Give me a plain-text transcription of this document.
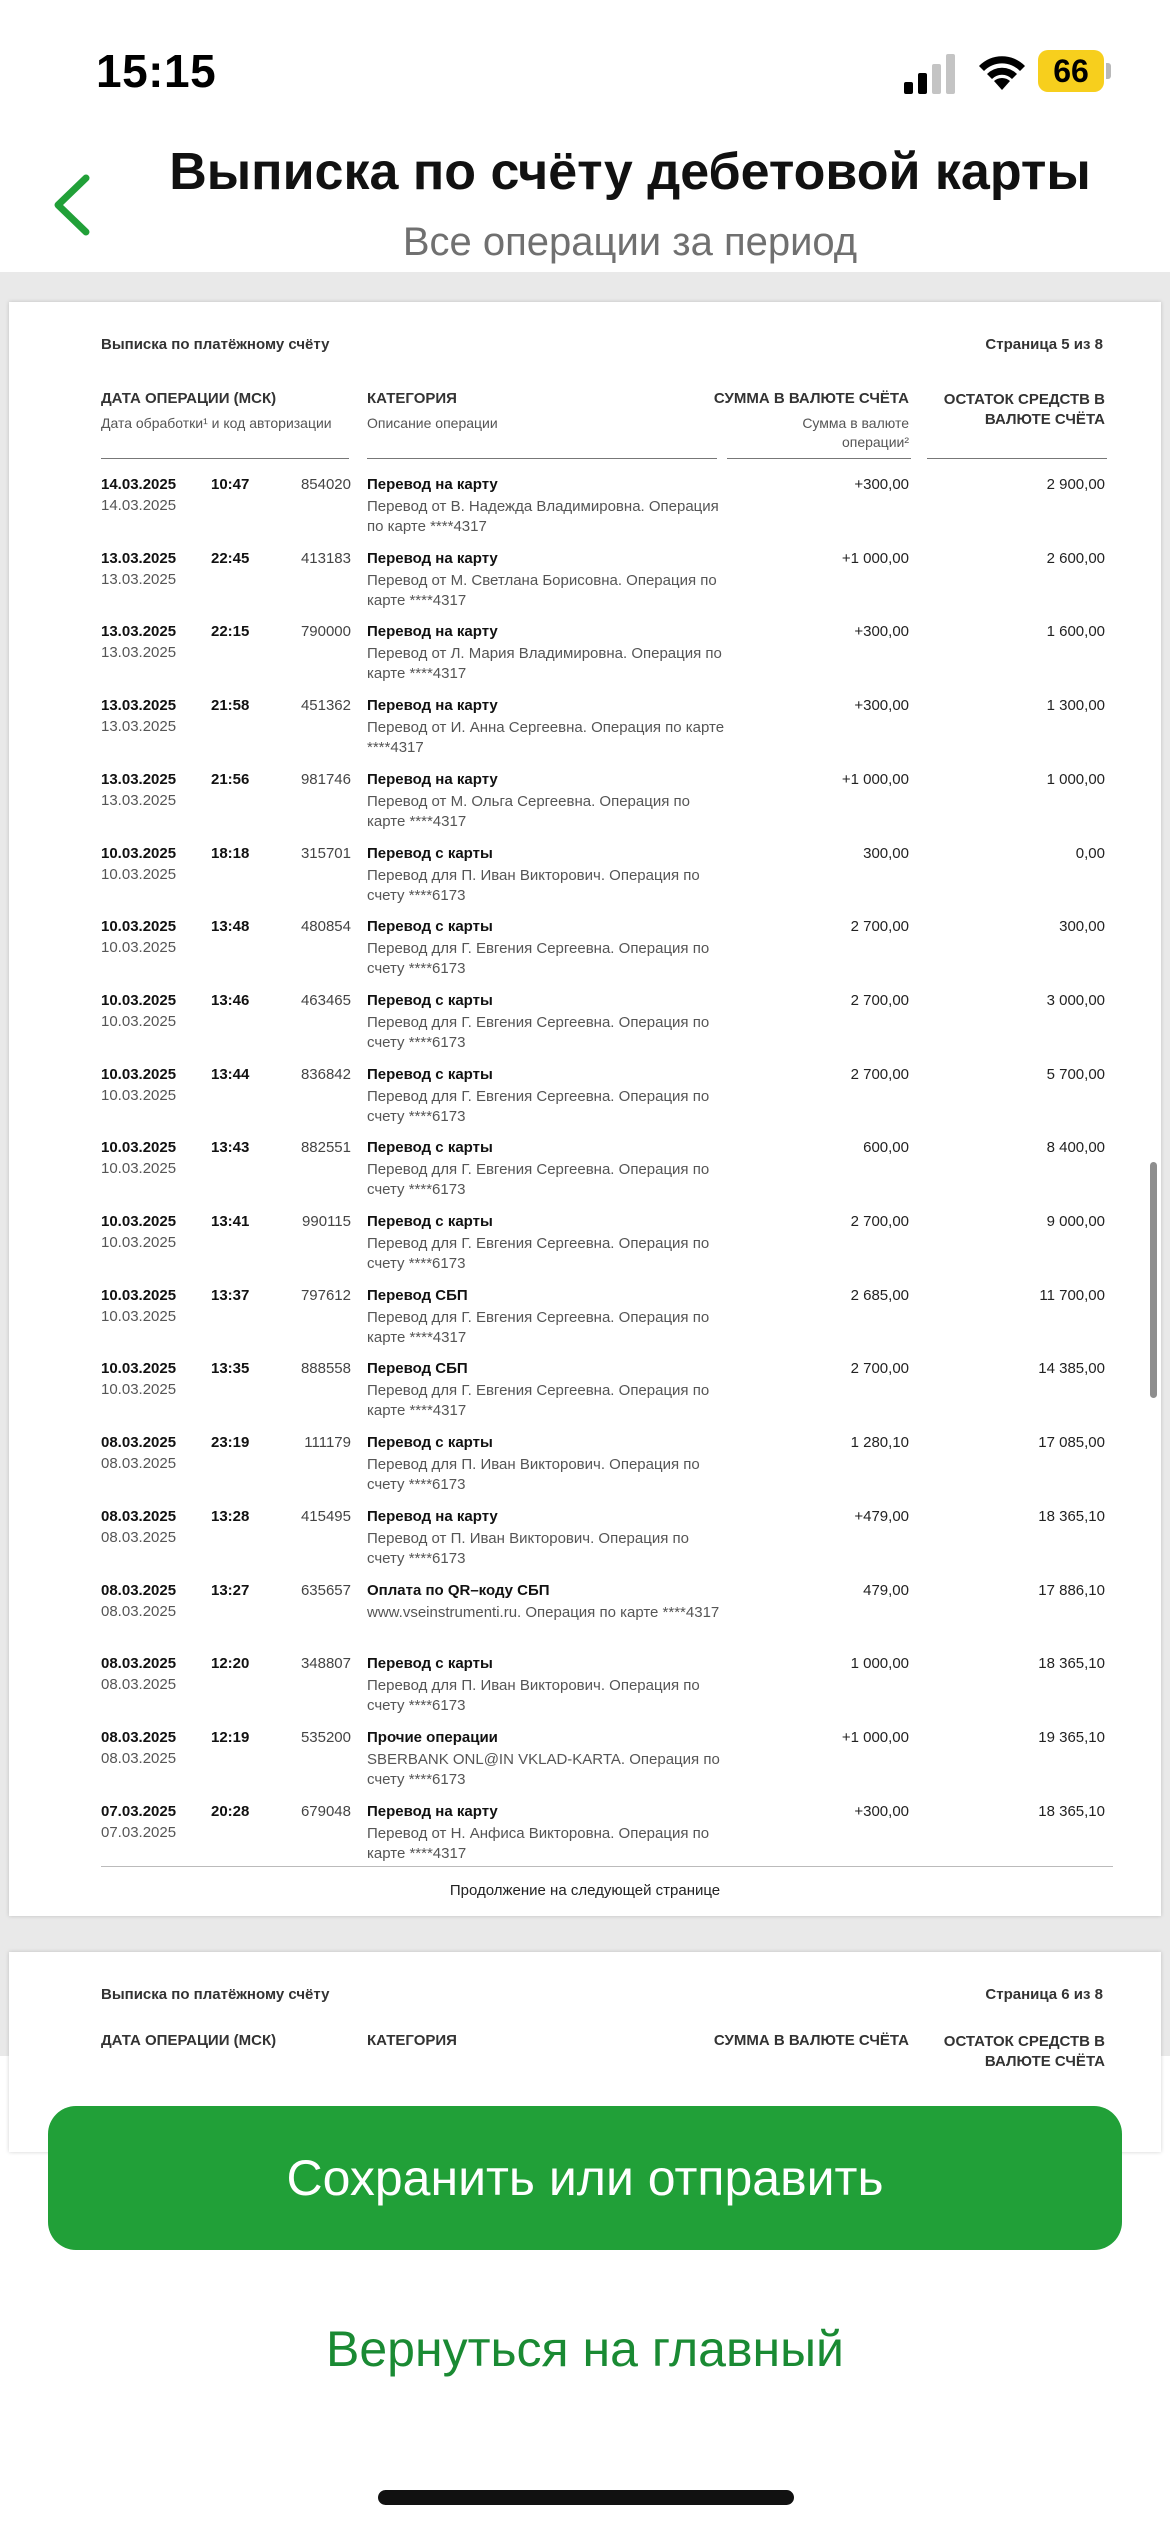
15:15	66
Выписка по счёту дебетовой карты
Все операции за период
Выписка по платёжному счёту	Страница 5 из 8
ДАТА ОПЕРАЦИИ (МСК)
Дата обработки¹ и код авторизации
КАТЕГОРИЯ
Описание операции
СУММА В ВАЛЮТЕ СЧЁТА
Сумма в валюте операции²
ОСТАТОК СРЕДСТВ В ВАЛЮТЕ СЧЁТА
14.03.2025
14.03.2025
10:47	854020 Перевод на карту
Перевод от В. Надежда Владимировна. Операция по карте ****4317
+300,00	2 900,00
13.03.2025
13.03.2025
22:45	413183 Перевод на карту
Перевод от М. Светлана Борисовна. Операция по карте ****4317
+1 000,00	2 600,00
13.03.2025
13.03.2025
22:15	790000 Перевод на карту
Перевод от Л. Мария Владимировна. Операция по карте ****4317
+300,00	1 600,00
13.03.2025
13.03.2025
21:58	451362 Перевод на карту
Перевод от И. Анна Сергеевна. Операция по карте ****4317
+300,00	1 300,00
13.03.2025
13.03.2025
21:56	981746 Перевод на карту
Перевод от М. Ольга Сергеевна. Операция по карте ****4317
+1 000,00	1 000,00
10.03.2025
10.03.2025
18:18	315701 Перевод с карты
Перевод для П. Иван Викторович. Операция по счету ****6173
300,00	0,00
10.03.2025
10.03.2025
13:48	480854 Перевод с карты
Перевод для Г. Евгения Сергеевна. Операция по счету ****6173
2 700,00	300,00
10.03.2025
10.03.2025
13:46	463465 Перевод с карты
Перевод для Г. Евгения Сергеевна. Операция по счету ****6173
2 700,00	3 000,00
10.03.2025
10.03.2025
13:44	836842 Перевод с карты
Перевод для Г. Евгения Сергеевна. Операция по счету ****6173
2 700,00	5 700,00
10.03.2025
10.03.2025
13:43	882551 Перевод с карты
Перевод для Г. Евгения Сергеевна. Операция по счету ****6173
600,00	8 400,00
10.03.2025
10.03.2025
13:41	990115 Перевод с карты
Перевод для Г. Евгения Сергеевна. Операция по счету ****6173
2 700,00	9 000,00
10.03.2025
10.03.2025
13:37	797612 Перевод СБП
Перевод для Г. Евгения Сергеевна. Операция по карте ****4317
2 685,00	11 700,00
10.03.2025
10.03.2025
13:35	888558 Перевод СБП
Перевод для Г. Евгения Сергеевна. Операция по карте ****4317
2 700,00	14 385,00
08.03.2025
08.03.2025
23:19	111179 Перевод с карты
Перевод для П. Иван Викторович. Операция по счету ****6173
1 280,10	17 085,00
08.03.2025
08.03.2025
13:28	415495 Перевод на карту
Перевод от П. Иван Викторович. Операция по счету ****6173
+479,00	18 365,10
08.03.2025
08.03.2025
13:27	635657 Оплата по QR–коду СБП
www.vseinstrumenti.ru. Операция по карте ****4317
479,00	17 886,10
08.03.2025
08.03.2025
12:20	348807 Перевод с карты
Перевод для П. Иван Викторович. Операция по счету ****6173
1 000,00	18 365,10
08.03.2025
08.03.2025
12:19	535200 Прочие операции
SBERBANK ONL@IN VKLAD-KARTA. Операция по счету ****6173
+1 000,00	19 365,10
07.03.2025
07.03.2025
20:28	679048 Перевод на карту
Перевод от Н. Анфиса Викторовна. Операция по карте ****4317
+300,00	18 365,10
Продолжение на следующей странице
Выписка по платёжному счёту	Страница 6 из 8
ДАТА ОПЕРАЦИИ (МСК)	КАТЕГОРИЯ	СУММА В ВАЛЮТЕ СЧЁТА	ОСТАТОК СРЕДСТВ В ВАЛЮТЕ СЧЁТА
Сохранить или отправить
Вернуться на главный
